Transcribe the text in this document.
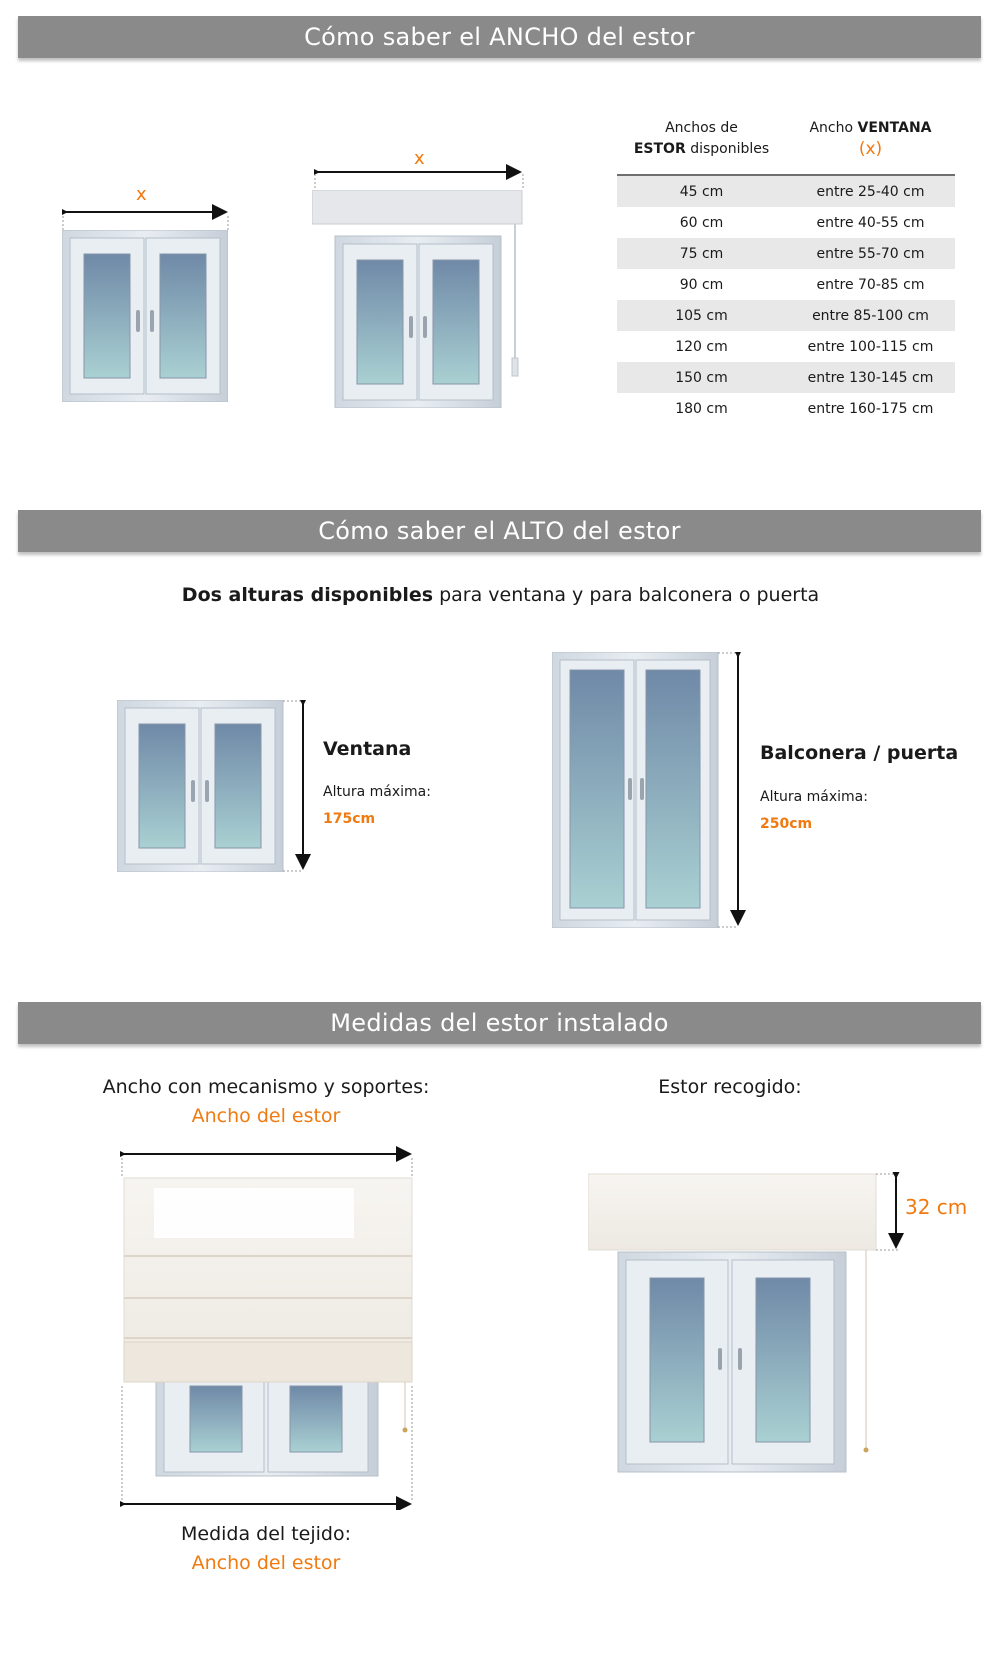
Cómo saber el ANCHO del estor
x
x
Anchos de
ESTOR disponibles
Ancho VENTANA
(x)
45 cm	entre 25-40 cm
60 cm	entre 40-55 cm
75 cm	entre 55-70 cm
90 cm	entre 70-85 cm
105 cm	entre 85-100 cm
120 cm	entre 100-115 cm
150 cm	entre 130-145 cm
180 cm	entre 160-175 cm
Cómo saber el ALTO del estor
Dos alturas disponibles para ventana y para balconera o puerta
Ventana
Altura máxima:
175cm
Balconera / puerta
Altura máxima:
250cm
Medidas del estor instalado
Ancho con mecanismo y soportes:
Ancho del estor
Estor recogido:
Medida del tejido:
Ancho del estor
32 cm
